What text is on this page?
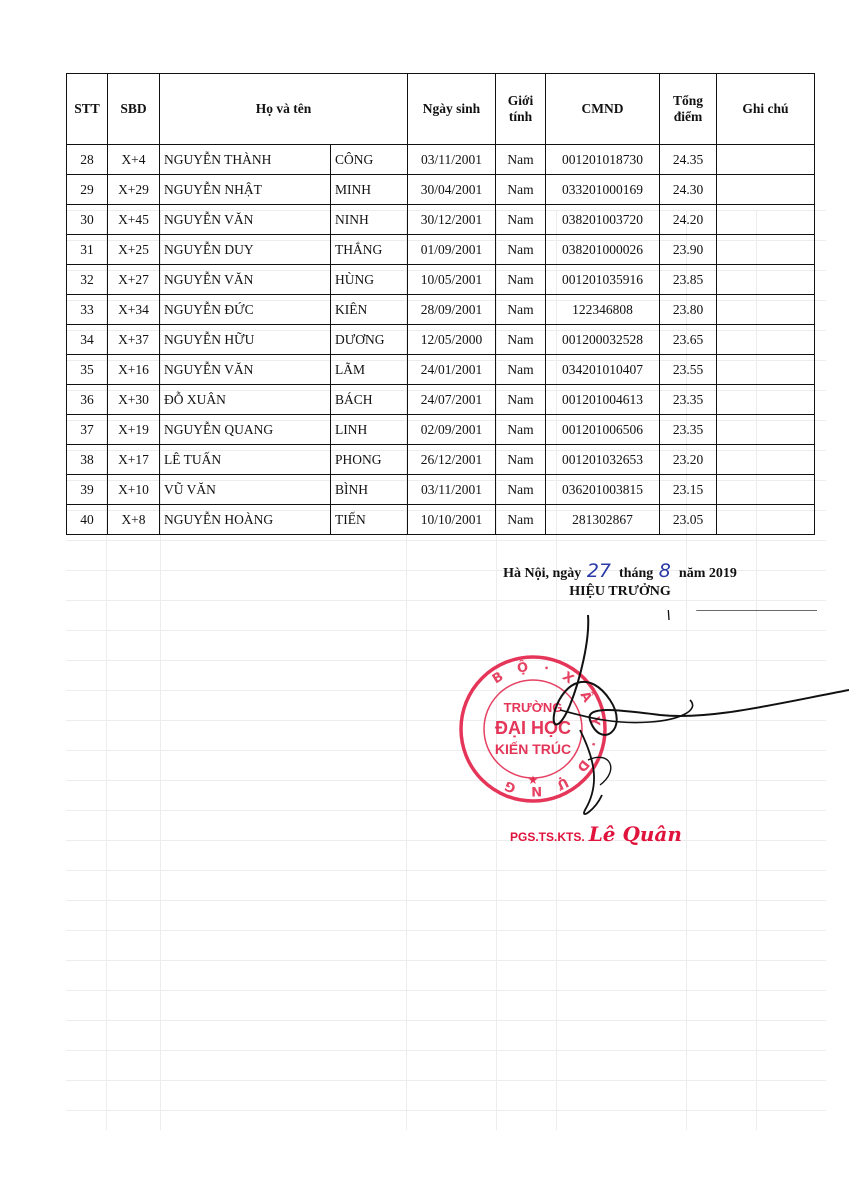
STT	SBD	Họ và tên		Ngày sinh	Giới tính	CMND	Tổng điểm	Ghi chú
28	X+4	NGUYỄN THÀNH	CÔNG	03/11/2001	Nam	001201018730	24.35	
29	X+29	NGUYỄN NHẬT	MINH	30/04/2001	Nam	033201000169	24.30	
30	X+45	NGUYỄN VĂN	NINH	30/12/2001	Nam	038201003720	24.20	
31	X+25	NGUYỄN DUY	THẮNG	01/09/2001	Nam	038201000026	23.90	
32	X+27	NGUYỄN VĂN	HÙNG	10/05/2001	Nam	001201035916	23.85	
33	X+34	NGUYỄN ĐỨC	KIÊN	28/09/2001	Nam	122346808	23.80	
34	X+37	NGUYỄN HỮU	DƯƠNG	12/05/2000	Nam	001200032528	23.65	
35	X+16	NGUYỄN VĂN	LÃM	24/01/2001	Nam	034201010407	23.55	
36	X+30	ĐỖ XUÂN	BÁCH	24/07/2001	Nam	001201004613	23.35	
37	X+19	NGUYỄN QUANG	LINH	02/09/2001	Nam	001201006506	23.35	
38	X+17	LÊ TUẤN	PHONG	26/12/2001	Nam	001201032653	23.20	
39	X+10	VŨ VĂN	BÌNH	03/11/2001	Nam	036201003815	23.15	
40	X+8	NGUYỄN HOÀNG	TIẾN	10/10/2001	Nam	281302867	23.05	
Hà Nội, ngày 27 tháng 8 năm 2019
HIỆU TRƯỞNG
B Ộ · X Â Y · D Ự N G
TRƯỜNG
ĐẠI HỌC
KIẾN TRÚC
★
PGS.TS.KTS. Lê Quân
